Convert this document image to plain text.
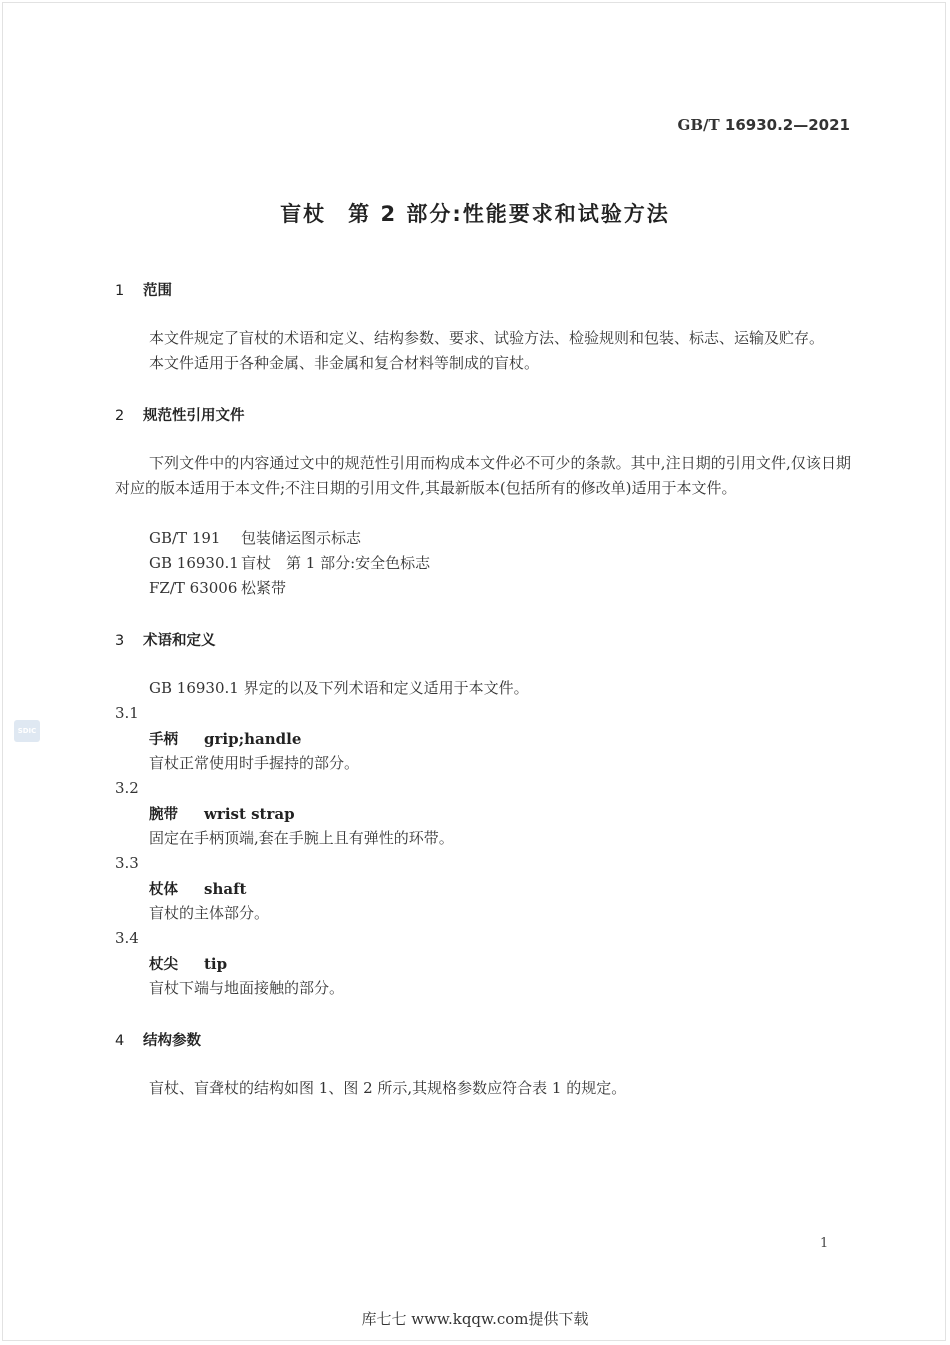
SDIC
GB/T 16930.2—2021
盲杖 第 2 部分:性能要求和试验方法
1 范围
本文件规定了盲杖的术语和定义、结构参数、要求、试验方法、检验规则和包装、标志、运输及贮存。
本文件适用于各种金属、非金属和复合材料等制成的盲杖。
2 规范性引用文件
下列文件中的内容通过文中的规范性引用而构成本文件必不可少的条款。其中,注日期的引用文件,仅该日期对应的版本适用于本文件;不注日期的引用文件,其最新版本(包括所有的修改单)适用于本文件。
GB/T 191 包装储运图示标志
GB 16930.1 盲杖　第 1 部分:安全色标志
FZ/T 63006 松紧带
3 术语和定义
GB 16930.1 界定的以及下列术语和定义适用于本文件。
3.1
手柄 grip;handle
盲杖正常使用时手握持的部分。
3.2
腕带 wrist strap
固定在手柄顶端,套在手腕上且有弹性的环带。
3.3
杖体 shaft
盲杖的主体部分。
3.4
杖尖 tip
盲杖下端与地面接触的部分。
4 结构参数
盲杖、盲聋杖的结构如图 1、图 2 所示,其规格参数应符合表 1 的规定。
1
库七七 www.kqqw.com提供下载
